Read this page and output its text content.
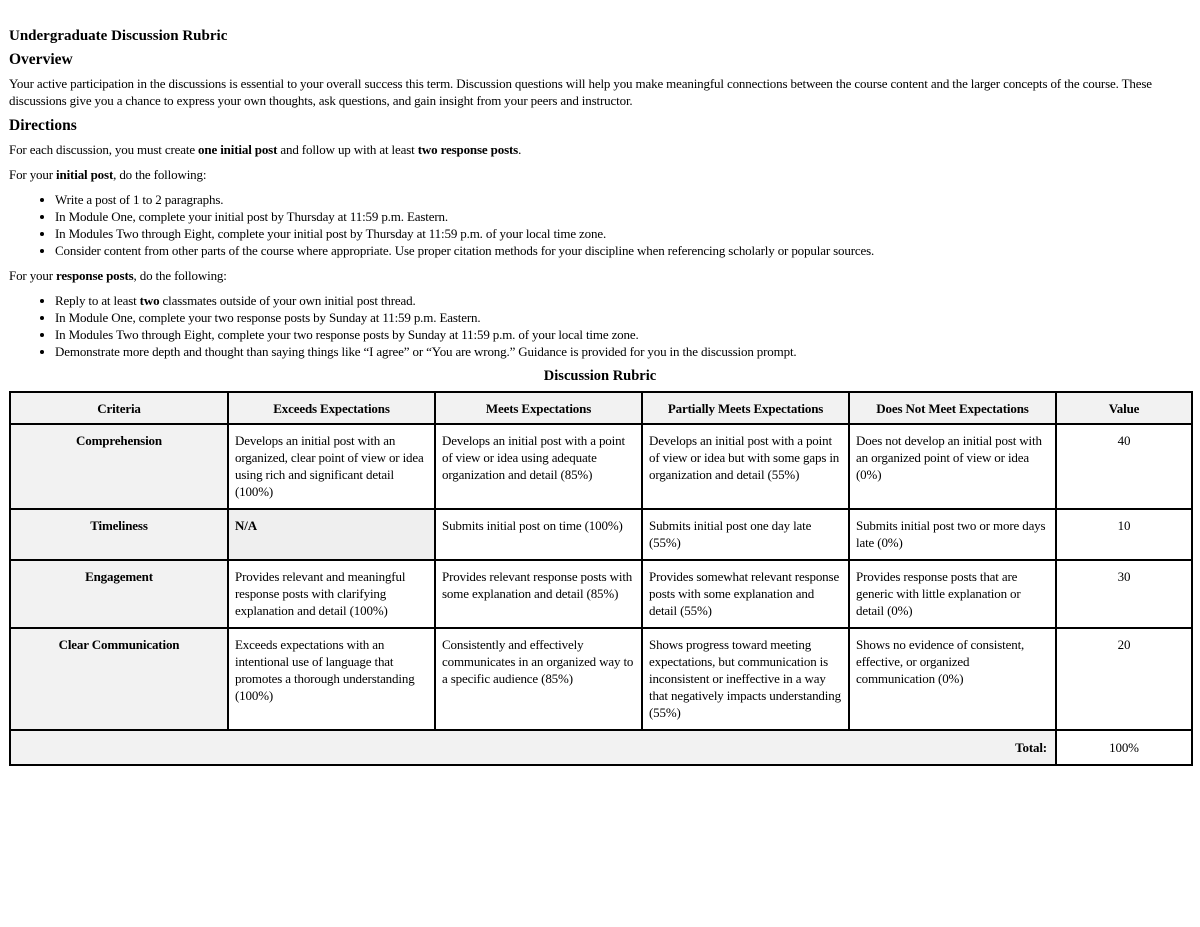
Undergraduate Discussion Rubric
Overview

Your active participation in the discussions is essential to your overall success this term. Discussion questions will help you make meaningful connections between the course content and the larger concepts of the course. These discussions give you a chance to express your own thoughts, ask questions, and gain insight from your peers and instructor.

Directions

For each discussion, you must create one initial post and follow up with at least two response posts.

For your initial post, do the following:

• Write a post of 1 to 2 paragraphs.
• In Module One, complete your initial post by Thursday at 11:59 p.m. Eastern.
• In Modules Two through Eight, complete your initial post by Thursday at 11:59 p.m. of your local time zone.
• Consider content from other parts of the course where appropriate. Use proper citation methods for your discipline when referencing scholarly or popular sources.

For your response posts, do the following:

• Reply to at least two classmates outside of your own initial post thread.
• In Module One, complete your two response posts by Sunday at 11:59 p.m. Eastern.
• In Modules Two through Eight, complete your two response posts by Sunday at 11:59 p.m. of your local time zone.
• Demonstrate more depth and thought than saying things like “I agree” or “You are wrong.” Guidance is provided for you in the discussion prompt.
Discussion Rubric
Criteria	Exceeds Expectations	Meets Expectations	Partially Meets Expectations	Does Not Meet Expectations	Value
Comprehension	Develops an initial post with an organized, clear point of view or idea using rich and significant detail (100%)	Develops an initial post with a point of view or idea using adequate organization and detail (85%)	Develops an initial post with a point of view or idea but with some gaps in organization and detail (55%)	Does not develop an initial post with an organized point of view or idea (0%)	40
Timeliness	N/A	Submits initial post on time (100%)	Submits initial post one day late (55%)	Submits initial post two or more days late (0%)	10
Engagement	Provides relevant and meaningful response posts with clarifying explanation and detail (100%)	Provides relevant response posts with some explanation and detail (85%)	Provides somewhat relevant response posts with some explanation and detail (55%)	Provides response posts that are generic with little explanation or detail (0%)	30
Clear Communication	Exceeds expectations with an intentional use of language that promotes a thorough understanding (100%)	Consistently and effectively communicates in an organized way to a specific audience (85%)	Shows progress toward meeting expectations, but communication is inconsistent or ineffective in a way that negatively impacts understanding (55%)	Shows no evidence of consistent, effective, or organized communication (0%)	20
Total:					100%
